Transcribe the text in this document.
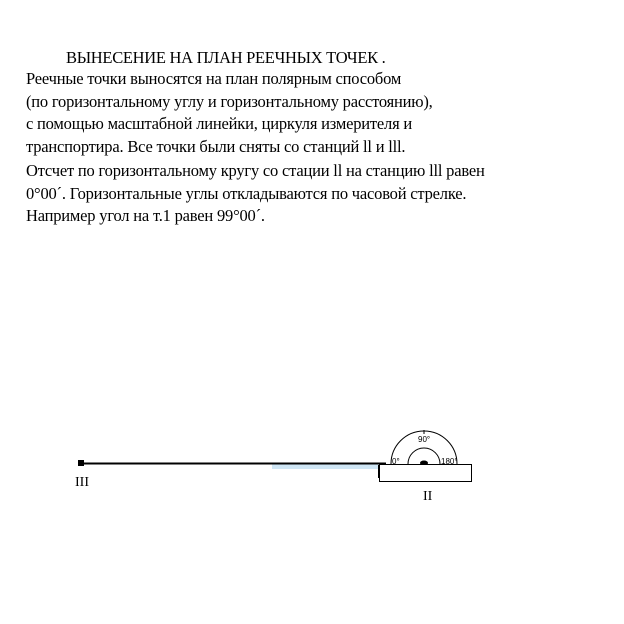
ВЫНЕСЕНИЕ НА ПЛАН РЕЕЧНЫХ ТОЧЕК .
Реечные точки выносятся на план полярным способом
(по горизонтальному углу и горизонтальному расстоянию),
с помощью масштабной линейки, циркуля измерителя и
транспортира. Все точки были сняты со станций ll и lll.
Отсчет по горизонтальному кругу со стации ll на станцию lll равен
0°00´. Горизонтальные углы откладываются по часовой стрелке.
Например угол на т.1 равен 99°00´.
90°
0°	180°
III
II
